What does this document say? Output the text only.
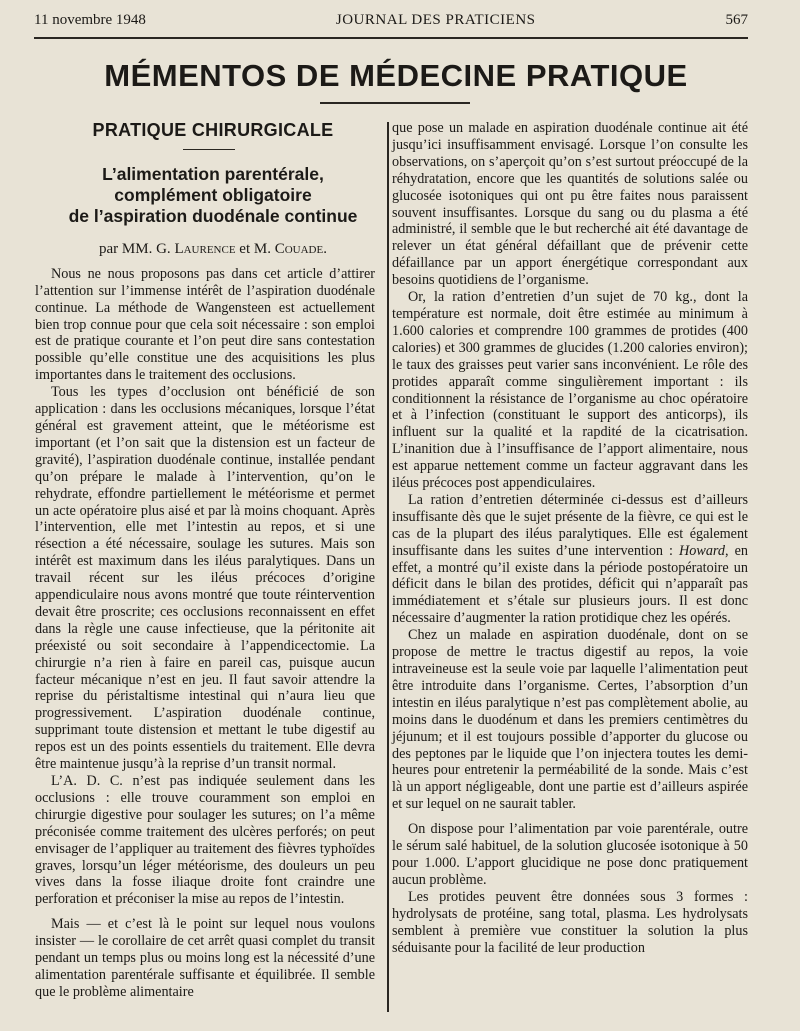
11 novembre 1948	JOURNAL DES PRATICIENS	567
MÉMENTOS DE MÉDECINE PRATIQUE
PRATIQUE CHIRURGICALE
L’alimentation parentérale,
complément obligatoire
de l’aspiration duodénale continue
par MM. G. Laurence et M. Couade.

Nous ne nous proposons pas dans cet article d’attirer l’attention sur l’immense intérêt de l’aspiration duodénale continue. La méthode de Wangensteen est actuellement bien trop connue pour que cela soit nécessaire : son emploi est de pratique courante et l’on peut dire sans contestation possible qu’elle constitue une des acquisitions les plus importantes dans le traitement des occlusions.

Tous les types d’occlusion ont bénéficié de son application : dans les occlusions mécaniques, lorsque l’état général est gravement atteint, que le météorisme est important (et l’on sait que la distension est un facteur de gravité), l’aspiration duodénale continue, installée pendant qu’on prépare le malade à l’intervention, qu’on le rehydrate, effondre partiellement le météorisme et permet un acte opératoire plus aisé et par là moins choquant. Après l’intervention, elle met l’intestin au repos, et si une résection a été nécessaire, soulage les sutures. Mais son intérêt est maximum dans les iléus paralytiques. Dans un travail récent sur les iléus précoces d’origine appendiculaire nous avons montré que toute réintervention devait être proscrite; ces occlusions reconnaissent en effet dans la règle une cause infectieuse, que la péritonite ait préexisté ou soit secondaire à l’appendicectomie. La chirurgie n’a rien à faire en pareil cas, puisque aucun facteur mécanique n’est en jeu. Il faut savoir attendre la reprise du péristaltisme intestinal qui n’aura lieu que progressivement. L’aspiration duodénale continue, supprimant toute distension et mettant le tube digestif au repos est un des points essentiels du traitement. Elle devra être maintenue jusqu’à la reprise d’un transit normal.

L’A. D. C. n’est pas indiquée seulement dans les occlusions : elle trouve couramment son emploi en chirurgie digestive pour soulager les sutures; on l’a même préconisée comme traitement des ulcères perforés; on peut envisager de l’appliquer au traitement des fièvres typhoïdes graves, lorsqu’un léger météorisme, des douleurs un peu vives dans la fosse iliaque droite font craindre une perforation et préconiser la mise au repos de l’intestin.

Mais — et c’est là le point sur lequel nous voulons insister — le corollaire de cet arrêt quasi complet du transit pendant un temps plus ou moins long est la nécessité d’une alimentation parentérale suffisante et équilibrée. Il semble que le problème alimentaire

que pose un malade en aspiration duodénale continue ait été jusqu’ici insuffisamment envisagé. Lorsque l’on consulte les observations, on s’aperçoit qu’on s’est surtout préoccupé de la réhydratation, encore que les quantités de solutions salée ou glucosée isotoniques qui ont pu être faites nous paraissent souvent insuffisantes. Lorsque du sang ou du plasma a été administré, il semble que le but recherché ait été davantage de relever un état général défaillant que de prévenir cette défaillance par un apport énergétique correspondant aux besoins quotidiens de l’organisme.

Or, la ration d’entretien d’un sujet de 70 kg., dont la température est normale, doit être estimée au minimum à 1.600 calories et comprendre 100 grammes de protides (400 calories) et 300 grammes de glucides (1.200 calories environ); le taux des graisses peut varier sans inconvénient. Le rôle des protides apparaît comme singulièrement important : ils conditionnent la résistance de l’organisme au choc opératoire et à l’infection (constituant le support des anticorps), ils influent sur la qualité et la rapdité de la cicatrisation. L’inanition due à l’insuffisance de l’apport alimentaire, nous est apparue nettement comme un facteur aggravant dans les iléus précoces post appendiculaires.

La ration d’entretien déterminée ci-dessus est d’ailleurs insuffisante dès que le sujet présente de la fièvre, ce qui est le cas de la plupart des iléus paralytiques. Elle est également insuffisante dans les suites d’une intervention : Howard, en effet, a montré qu’il existe dans la période postopératoire un déficit dans le bilan des protides, déficit qui n’apparaît pas immédiatement et s’étale sur plusieurs jours. Il est donc nécessaire d’augmenter la ration protidique chez les opérés.

Chez un malade en aspiration duodénale, dont on se propose de mettre le tractus digestif au repos, la voie intraveineuse est la seule voie par laquelle l’alimentation peut être introduite dans l’organisme. Certes, l’absorption d’un intestin en iléus paralytique n’est pas complètement abolie, au moins dans le duodénum et dans les premiers centimètres du jéjunum; et il est toujours possible d’apporter du glucose ou des peptones par le liquide que l’on injectera toutes les demi-heures pour entretenir la perméabilité de la sonde. Mais c’est là un apport négligeable, dont une partie est d’ailleurs aspirée et sur lequel on ne saurait tabler.

On dispose pour l’alimentation par voie parentérale, outre le sérum salé habituel, de la solution glucosée isotonique à 50 pour 1.000. L’apport glucidique ne pose donc pratiquement aucun problème.

Les protides peuvent être données sous 3 formes : hydrolysats de protéine, sang total, plasma. Les hydrolysats semblent à première vue constituer la solution la plus séduisante pour la facilité de leur production
